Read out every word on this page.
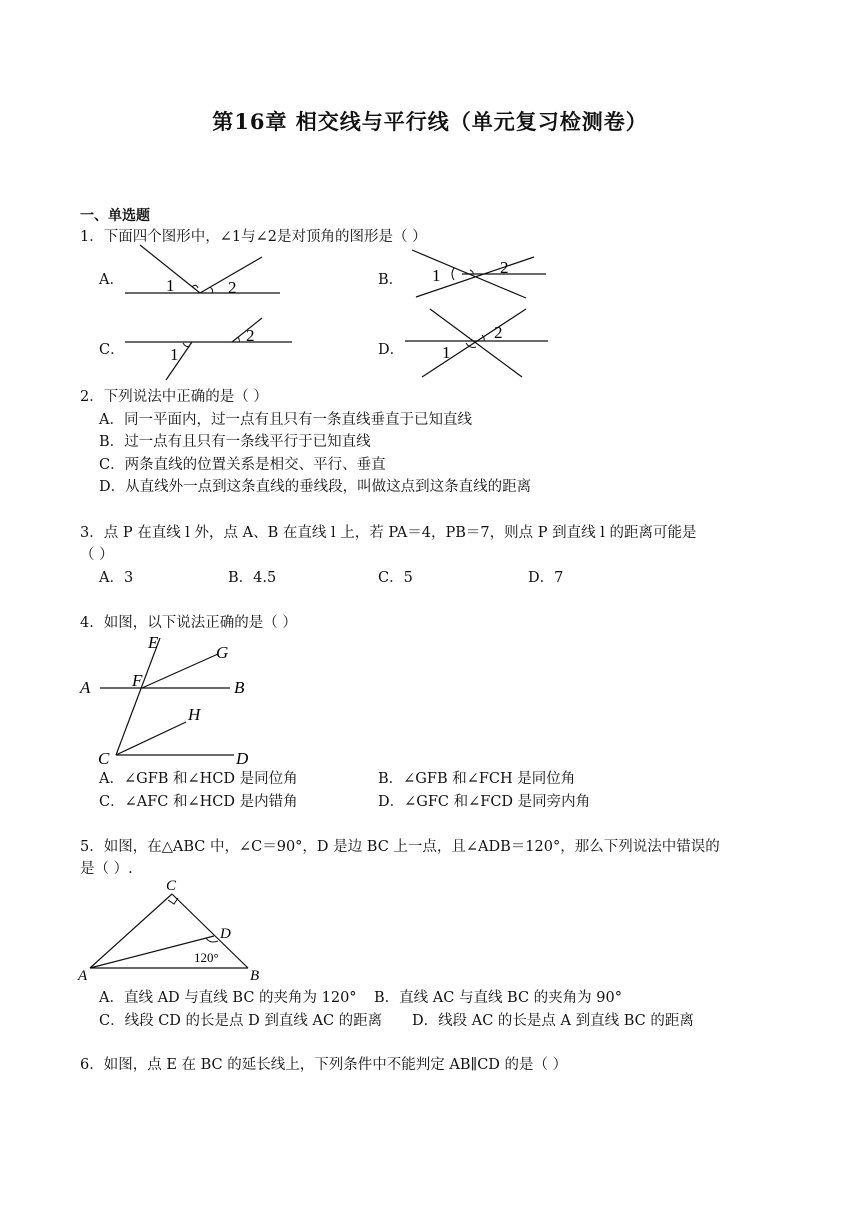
第16章 相交线与平行线（单元复习检测卷）
一、单选题
1．下面四个图形中，∠1与∠2是对顶角的图形是（ ）
A． 1	2	B． 1	2
C．	1
2
D． 1
2
2．下列说法中正确的是（ ）
A．同一平面内，过一点有且只有一条直线垂直于已知直线
B．过一点有且只有一条线平行于已知直线
C．两条直线的位置关系是相交、平行、垂直
D．从直线外一点到这条直线的垂线段，叫做这点到这条直线的距离
3．点 P 在直线 l 外，点 A、B 在直线 l 上，若 PA＝4，PB＝7，则点 P 到直线 l 的距离可能是
（ ）
A．3	B．4.5	C．5	D．7
4．如图，以下说法正确的是（ ）
E
G
A F	B
H
C	D
A．∠GFB 和∠HCD 是同位角	B．∠GFB 和∠FCH 是同位角
C．∠AFC 和∠HCD 是内错角	D．∠GFC 和∠FCD 是同旁内角
5．如图，在△ABC 中，∠C＝90°，D 是边 BC 上一点，且∠ADB＝120°，那么下列说法中错误的
是（ ）.
C
D
120°
A	B
A．直线 AD 与直线 BC 的夹角为 120° B．直线 AC 与直线 BC 的夹角为 90°
C．线段 CD 的长是点 D 到直线 AC 的距离 D．线段 AC 的长是点 A 到直线 BC 的距离
6．如图，点 E 在 BC 的延长线上，下列条件中不能判定 AB∥CD 的是（ ）
